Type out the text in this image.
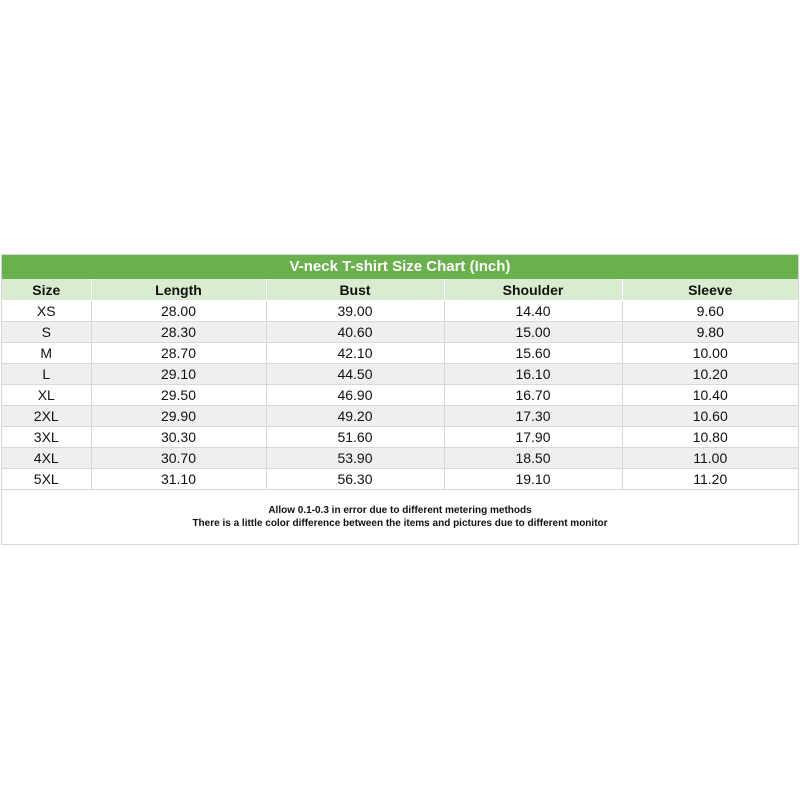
V-neck T-shirt Size Chart (Inch)
Size	Length	Bust	Shoulder	Sleeve
XS	28.00	39.00	14.40	9.60
S	28.30	40.60	15.00	9.80
M	28.70	42.10	15.60	10.00
L	29.10	44.50	16.10	10.20
XL	29.50	46.90	16.70	10.40
2XL	29.90	49.20	17.30	10.60
3XL	30.30	51.60	17.90	10.80
4XL	30.70	53.90	18.50	11.00
5XL	31.10	56.30	19.10	11.20
Allow 0.1-0.3 in error due to different metering methods
There is a little color difference between the items and pictures due to different monitor
